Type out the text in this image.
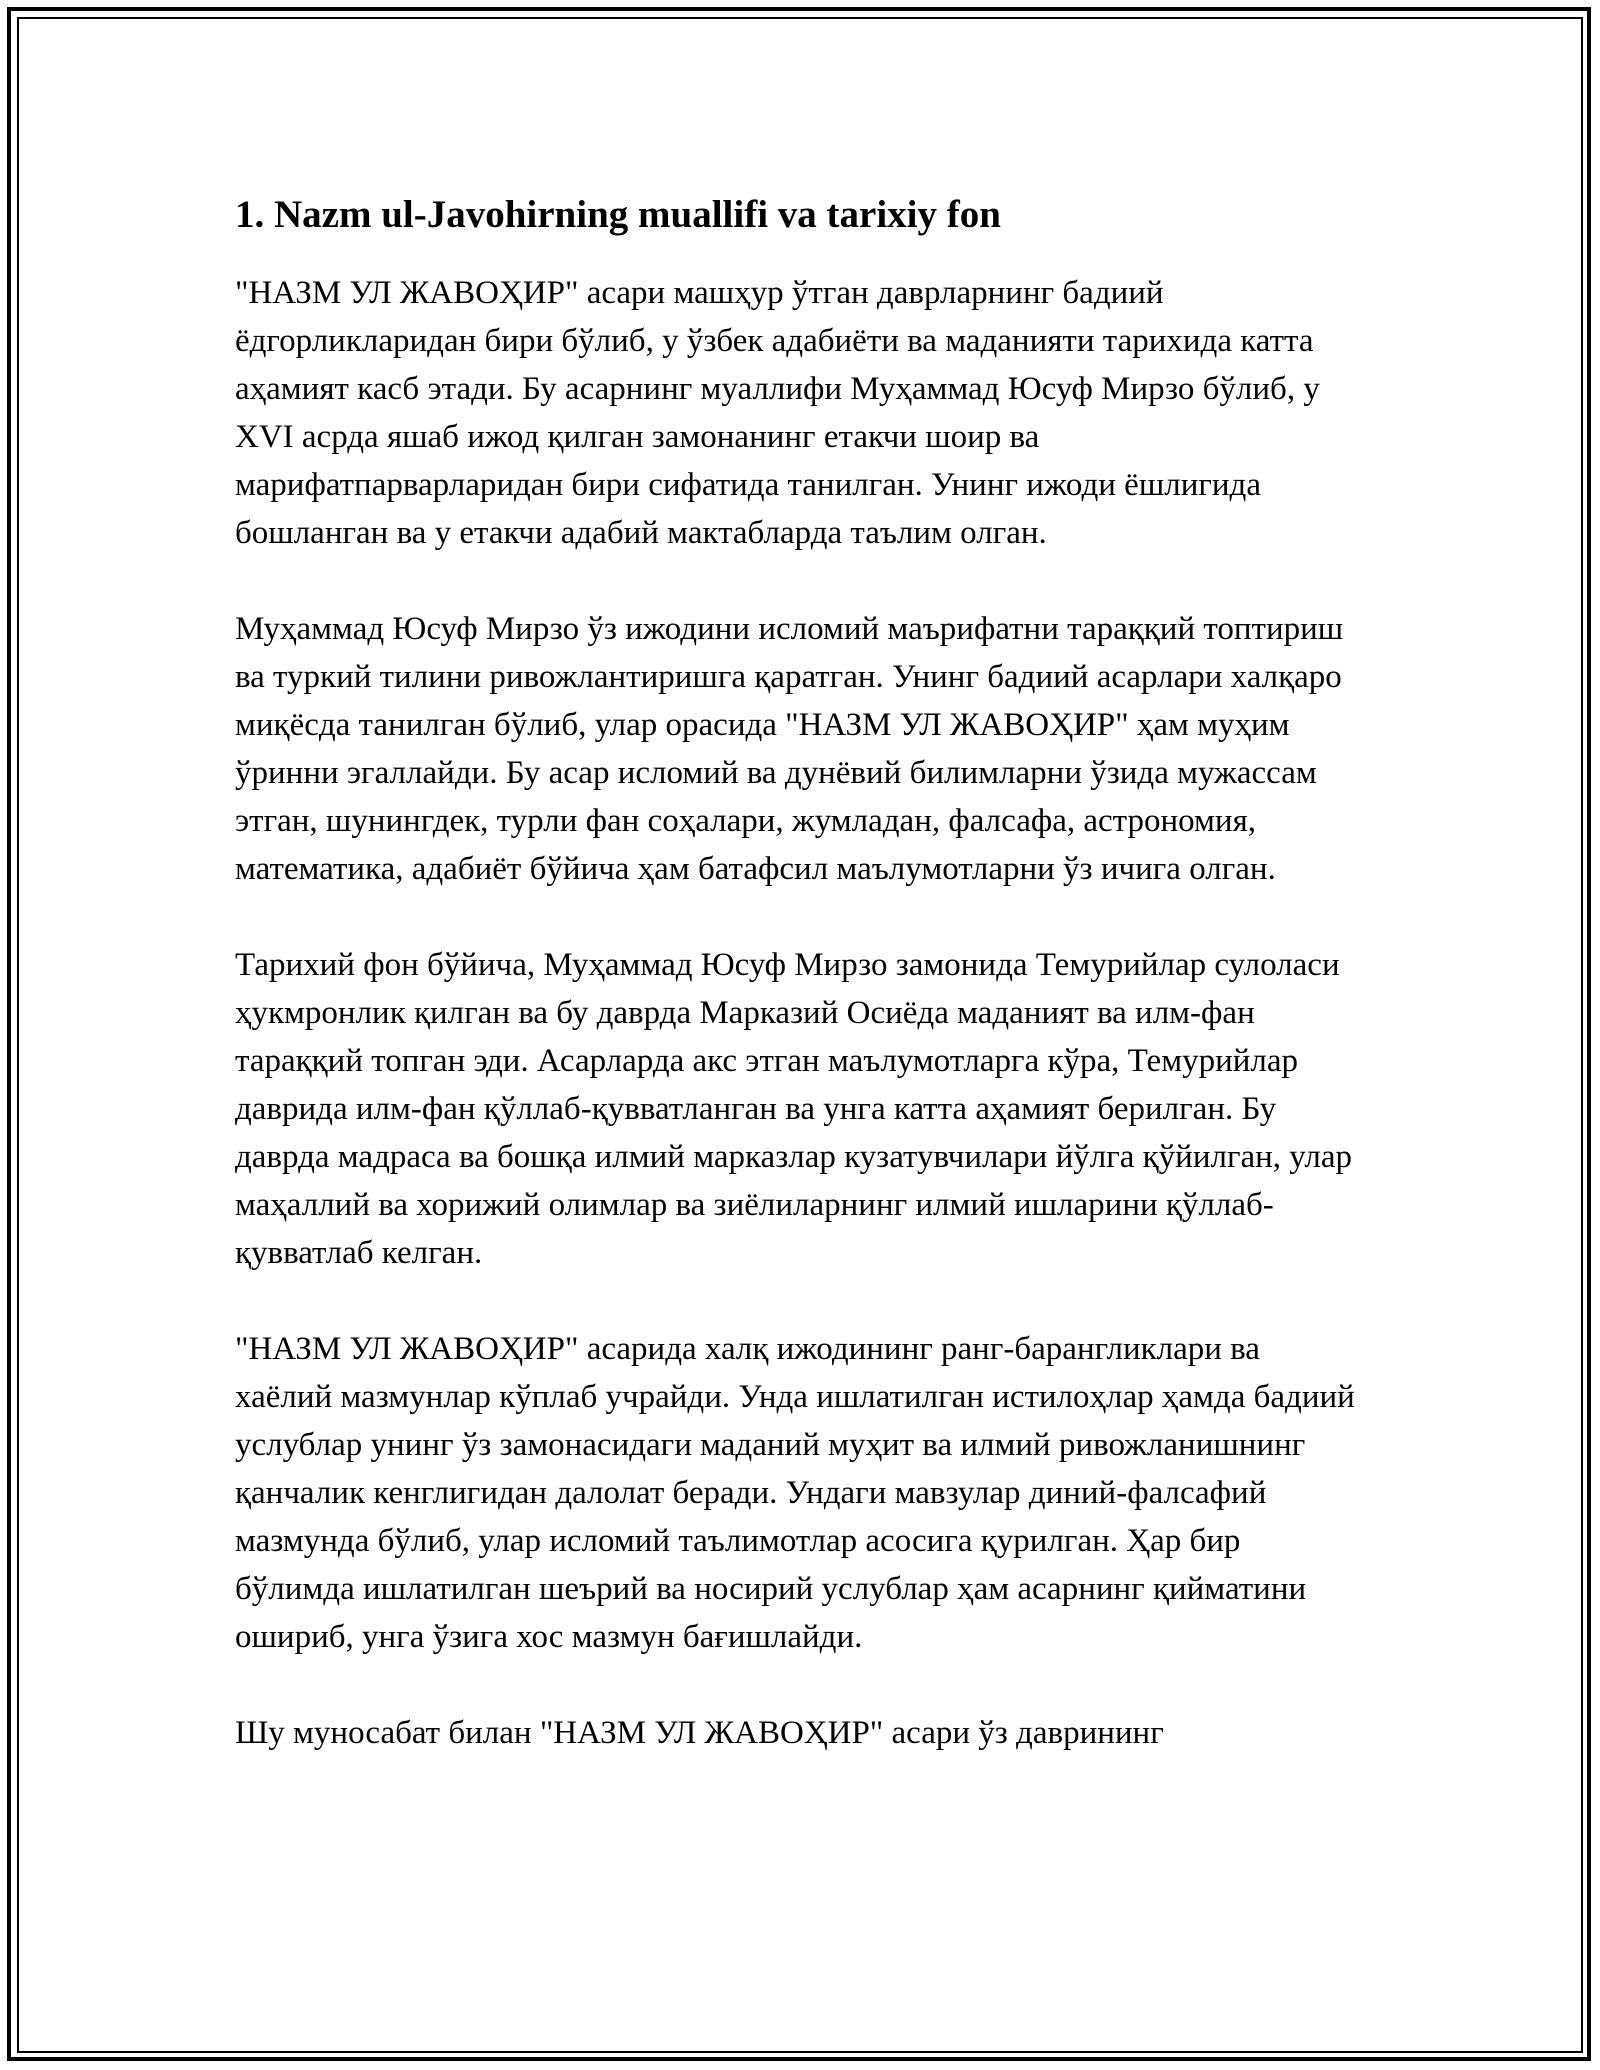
1. Nazm ul-Javohirning muallifi va tarixiy fon

"НАЗМ УЛ ЖАВОҲИР" асари машҳур ўтган даврларнинг бадиий ёдгорликларидан бири бўлиб, у ўзбек адабиёти ва маданияти тарихида катта аҳамият касб этади. Бу асарнинг муаллифи Муҳаммад Юсуф Мирзо бўлиб, у XVI асрда яшаб ижод қилган замонанинг етакчи шоир ва марифатпарварларидан бири сифатида танилган. Унинг ижоди ёшлигида бошланган ва у етакчи адабий мактабларда таълим олган.

Муҳаммад Юсуф Мирзо ўз ижодини исломий маърифатни тараққий топтириш ва туркий тилини ривожлантиришга қаратган. Унинг бадиий асарлари халқаро миқёсда танилган бўлиб, улар орасида "НАЗМ УЛ ЖАВОҲИР" ҳам муҳим ўринни эгаллайди. Бу асар исломий ва дунёвий билимларни ўзида мужассам этган, шунингдек, турли фан соҳалари, жумладан, фалсафа, астрономия, математика, адабиёт бўйича ҳам батафсил маълумотларни ўз ичига олган.

Тарихий фон бўйича, Муҳаммад Юсуф Мирзо замонида Темурийлар сулоласи ҳукмронлик қилган ва бу даврда Марказий Осиёда маданият ва илм-фан тараққий топган эди. Асарларда акс этган маълумотларга кўра, Темурийлар даврида илм-фан қўллаб-қувватланган ва унга катта аҳамият берилган. Бу даврда мадраса ва бошқа илмий марказлар кузатувчилари йўлга қўйилган, улар маҳаллий ва хорижий олимлар ва зиёлиларнинг илмий ишларини қўллаб-қувватлаб келган.

"НАЗМ УЛ ЖАВОҲИР" асарида халқ ижодининг ранг-барангликлари ва хаёлий мазмунлар кўплаб учрайди. Унда ишлатилган истилоҳлар ҳамда бадиий услублар унинг ўз замонасидаги маданий муҳит ва илмий ривожланишнинг қанчалик кенглигидан далолат беради. Ундаги мавзулар диний-фалсафий мазмунда бўлиб, улар исломий таълимотлар асосига қурилган. Ҳар бир бўлимда ишлатилган шеърий ва носирий услублар ҳам асарнинг қийматини ошириб, унга ўзига хос мазмун бағишлайди.

Шу муносабат билан "НАЗМ УЛ ЖАВОҲИР" асари ўз даврининг
